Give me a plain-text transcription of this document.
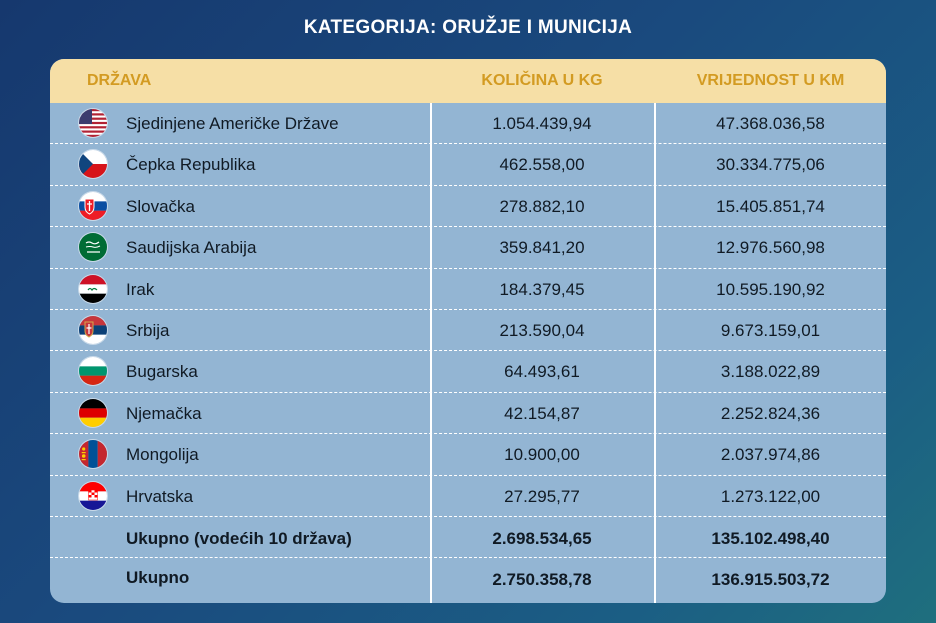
KATEGORIJA: ORUŽJE I MUNICIJA
DRŽAVA	KOLIČINA U KG	VRIJEDNOST U KM
Sjedinjene Američke Države	1.054.439,94	47.368.036,58
Čepka Republika	462.558,00	30.334.775,06
Slovačka	278.882,10	15.405.851,74
Saudijska Arabija	359.841,20	12.976.560,98
Irak	184.379,45	10.595.190,92
Srbija	213.590,04	9.673.159,01
Bugarska	64.493,61	3.188.022,89
Njemačka	42.154,87	2.252.824,36
Mongolija	10.900,00	2.037.974,86
Hrvatska	27.295,77	1.273.122,00
Ukupno (vodećih 10 država)	2.698.534,65	135.102.498,40
Ukupno	2.750.358,78	136.915.503,72
